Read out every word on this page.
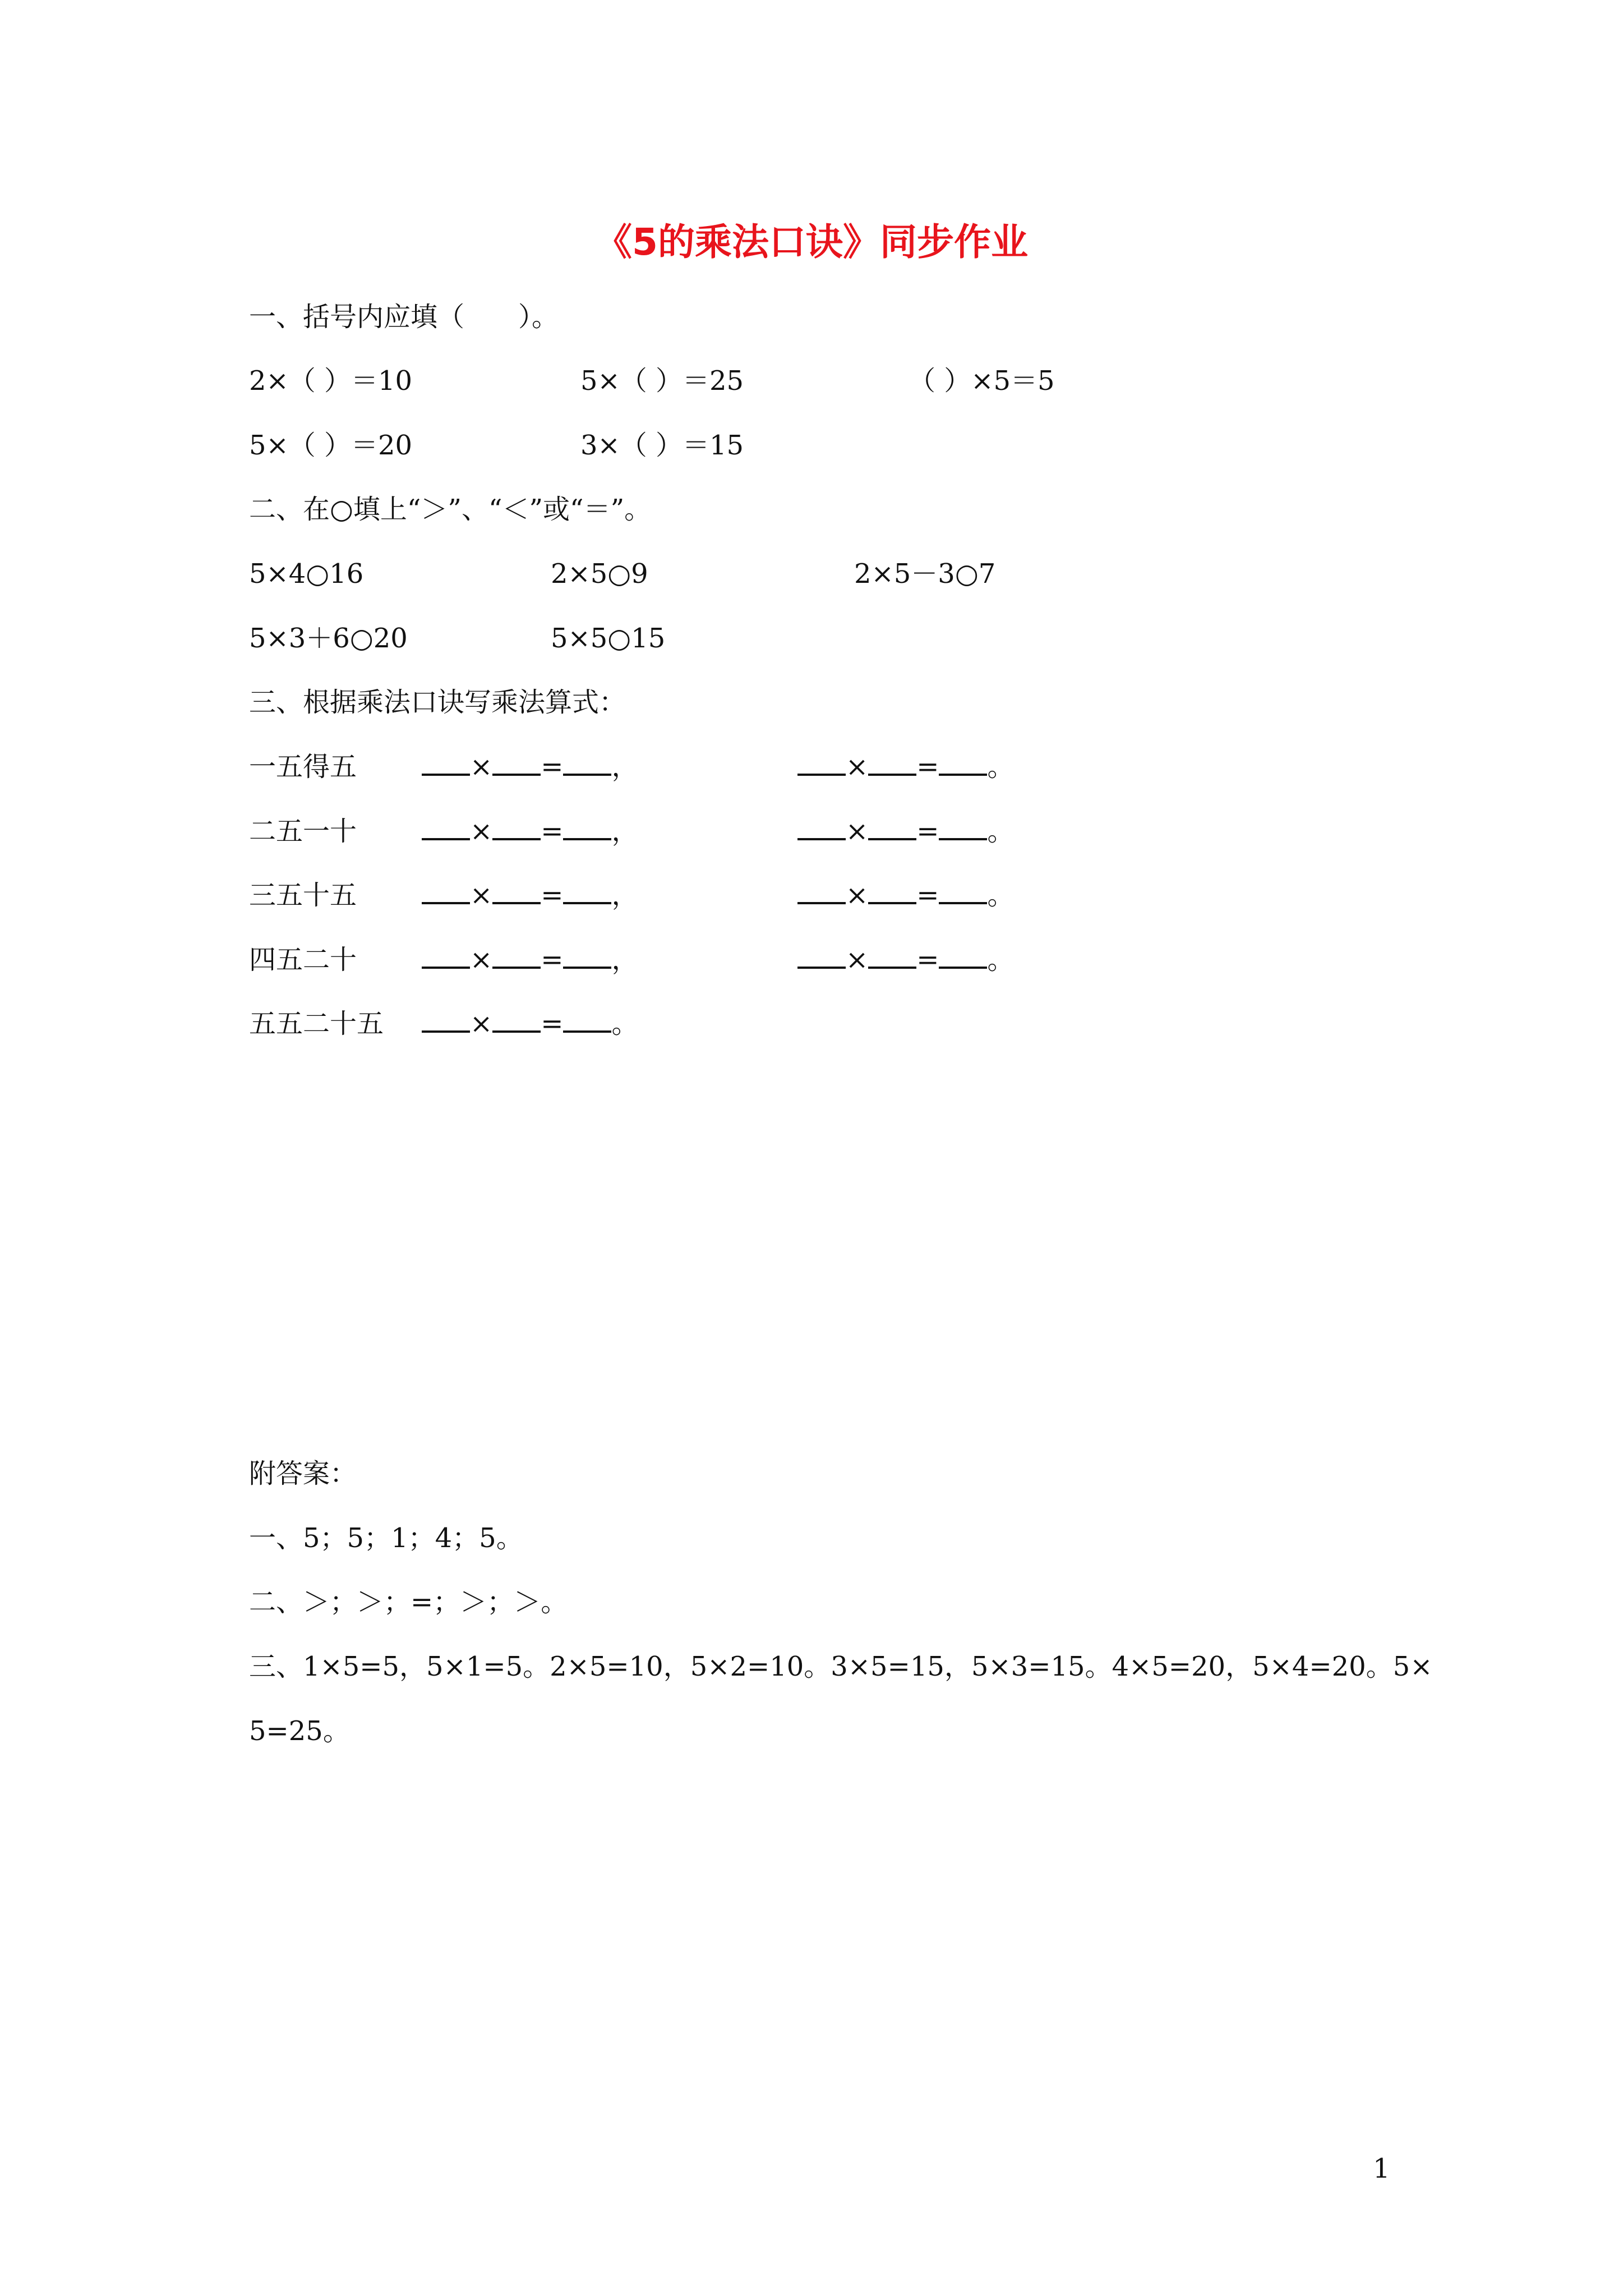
《5的乘法口诀》同步作业
一、括号内应填（　　）。
2×（ ）＝10	5×（ ）＝25	（ ）×5＝5
5×（ ）＝20	3×（ ）＝15
二、在○填上“＞”、“＜”或“＝”。
5×4○16	2×5○9	2×5－3○7
5×3＋6○20	5×5○15
三、根据乘法口诀写乘法算式：
一五得五	× = ，	× = 。
二五一十	× = ，	× = 。
三五十五	× = ，	× = 。
四五二十	× = ，	× = 。
五五二十五	× = 。
附答案：
一、5；5；1；4；5。
二、＞；＞；=；＞；＞。
三、1×5=5，5×1=5。2×5=10，5×2=10。3×5=15，5×3=15。4×5=20，5×4=20。5×
5=25。
1
